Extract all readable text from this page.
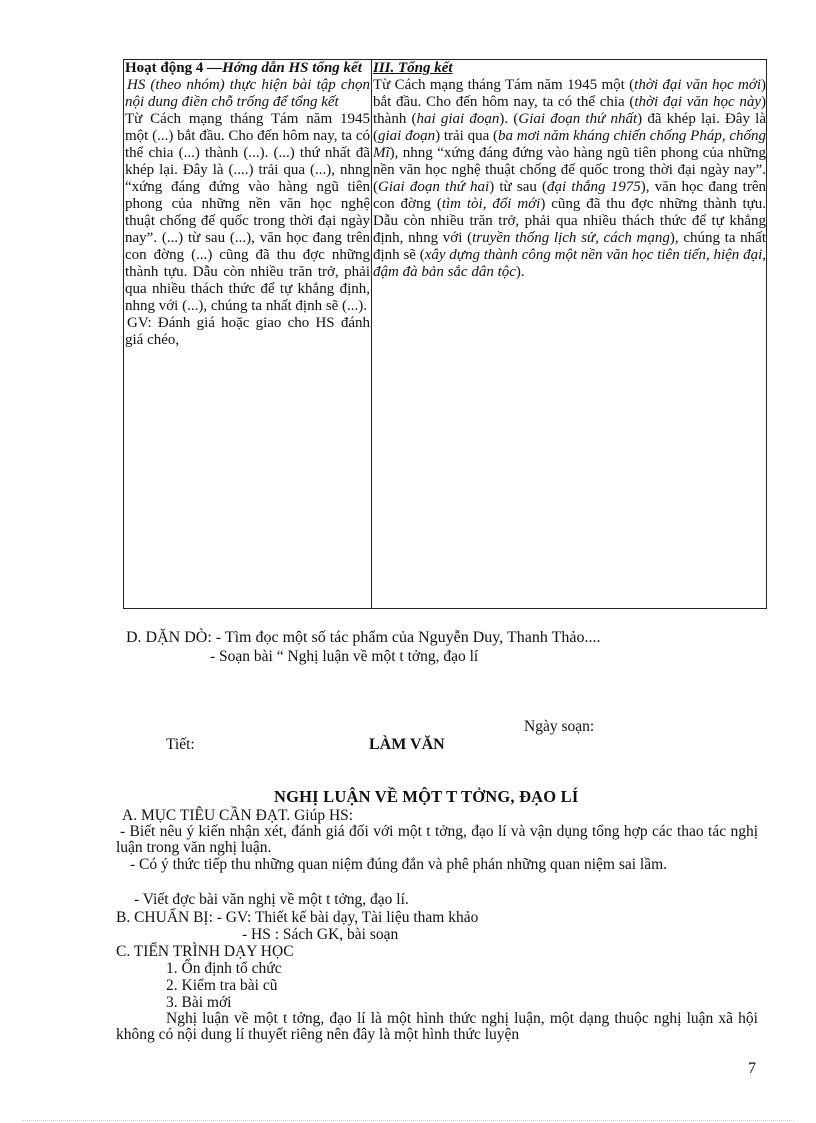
Hoạt động 4 —Hớng dẫn HS tổng kết

HS (theo nhóm) thực hiện bài tập chọn nội dung điền chỗ trống để tổng kết

Từ Cách mạng tháng Tám năm 1945 một (...) bắt đầu. Cho đến hôm nay, ta có thể chia (...) thành (...). (...) thứ nhất đã khép lại. Đây là (....) trải qua (...), nhng “xứng đáng đứng vào hàng ngũ tiên phong của những nền văn học nghệ thuật chống đế quốc trong thời đại ngày nay”. (...) từ sau (...), văn học đang trên con đờng (...) cũng đã thu đợc những thành tựu. Dẫu còn nhiều trăn trở, phải qua nhiều thách thức để tự khẳng định, nhng với (...), chúng ta nhất định sẽ (...).

GV: Đánh giá hoặc giao cho HS đánh giá chéo,

III. Tổng kết

Từ Cách mạng tháng Tám năm 1945 một (thời đại văn học mới) bắt đầu. Cho đến hôm nay, ta có thể chia (thời đại văn học này) thành (hai giai đoạn). (Giai đoạn thứ nhất) đã khép lại. Đây là (giai đoạn) trải qua (ba mơi năm kháng chiến chống Pháp, chống Mĩ), nhng “xứng đáng đứng vào hàng ngũ tiên phong của những nền văn học nghệ thuật chống đế quốc trong thời đại ngày nay”. (Giai đoạn thứ hai) từ sau (đại thắng 1975), văn học đang trên con đờng (tìm tòi, đổi mới) cũng đã thu đợc những thành tựu. Dẫu còn nhiều trăn trở, phải qua nhiều thách thức để tự khẳng định, nhng với (truyền thống lịch sử, cách mạng), chúng ta nhất định sẽ (xây dựng thành công một nền văn học tiên tiến, hiện đại, đậm đà bản sắc dân tộc).

D. DẶN DÒ: - Tìm đọc một số tác phẩm của Nguyễn Duy, Thanh Thảo....
- Soạn bài “ Nghị luận về một t tởng, đạo lí
Ngày soạn:
Tiết:	LÀM VĂN
NGHỊ LUẬN VỀ MỘT T TỞNG, ĐẠO LÍ
A. MỤC TIÊU CẦN ĐẠT. Giúp HS:
- Biết nêu ý kiến nhận xét, đánh giá đối với một t tởng, đạo lí và vận dụng tổng hợp các thao tác nghị luận trong văn nghị luận.
- Có ý thức tiếp thu những quan niệm đúng đắn và phê phán những quan niệm sai lầm.
- Viết đợc bài văn nghị về một t tởng, đạo lí.
B. CHUẨN BỊ: - GV: Thiết kế bài dạy, Tài liệu tham khảo
- HS : Sách GK, bài soạn
C. TIẾN TRÌNH DẠY HỌC
1. Ổn định tổ chức
2. Kiểm tra bài cũ
3. Bài mới
Nghị luận về một t tởng, đạo lí là một hình thức nghị luận, một dạng thuộc nghị luận xã hội không có nội dung lí thuyết riêng nên đây là một hình thức luyện
7
